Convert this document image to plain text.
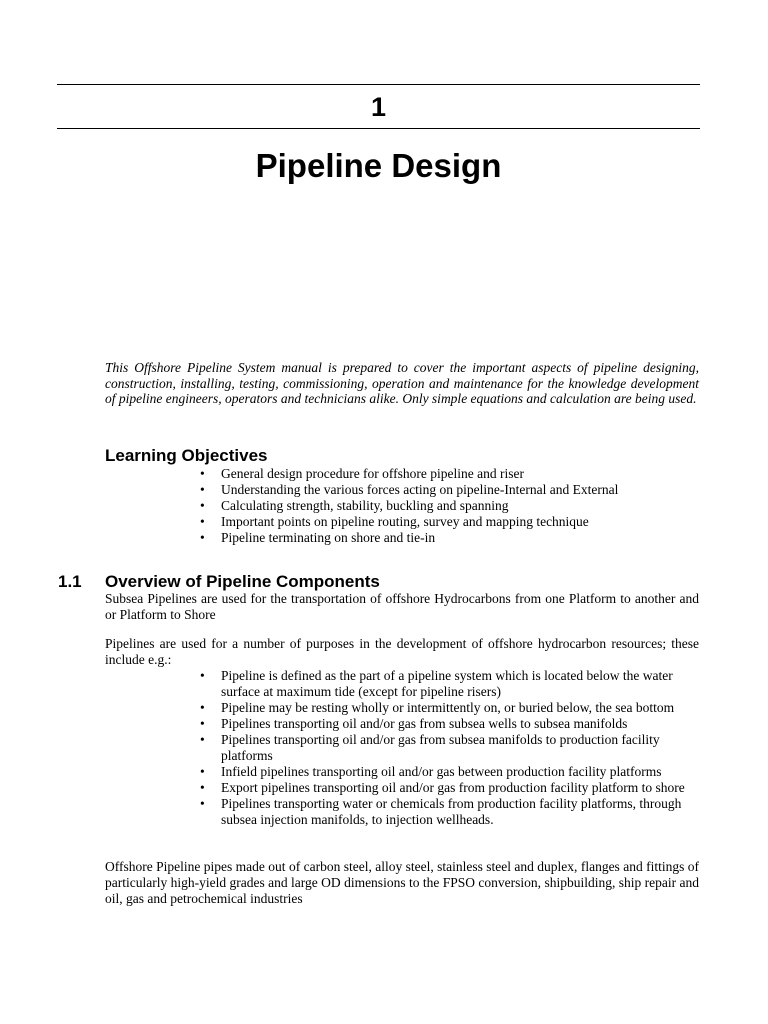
1
Pipeline Design

This Offshore Pipeline System manual is prepared to cover the important aspects of pipeline designing, construction, installing, testing, commissioning, operation and maintenance for the knowledge development of pipeline engineers, operators and technicians alike. Only simple equations and calculation are being used.

Learning Objectives
• General design procedure for offshore pipeline and riser
• Understanding the various forces acting on pipeline-Internal and External
• Calculating strength, stability, buckling and spanning
• Important points on pipeline routing, survey and mapping technique
• Pipeline terminating on shore and tie-in
1.1 Overview of Pipeline Components

Subsea Pipelines are used for the transportation of offshore Hydrocarbons from one Platform to another and or Platform to Shore

Pipelines are used for a number of purposes in the development of offshore hydrocarbon resources; these include e.g.:

• Pipeline is defined as the part of a pipeline system which is located below the water surface at maximum tide (except for pipeline risers)
• Pipeline may be resting wholly or intermittently on, or buried below, the sea bottom
• Pipelines transporting oil and/or gas from subsea wells to subsea manifolds
• Pipelines transporting oil and/or gas from subsea manifolds to production facility platforms
• Infield pipelines transporting oil and/or gas between production facility platforms
• Export pipelines transporting oil and/or gas from production facility platform to shore
• Pipelines transporting water or chemicals from production facility platforms, through subsea injection manifolds, to injection wellheads.

Offshore Pipeline pipes made out of carbon steel, alloy steel, stainless steel and duplex, flanges and fittings of particularly high-yield grades and large OD dimensions to the FPSO conversion, shipbuilding, ship repair and oil, gas and petrochemical industries
